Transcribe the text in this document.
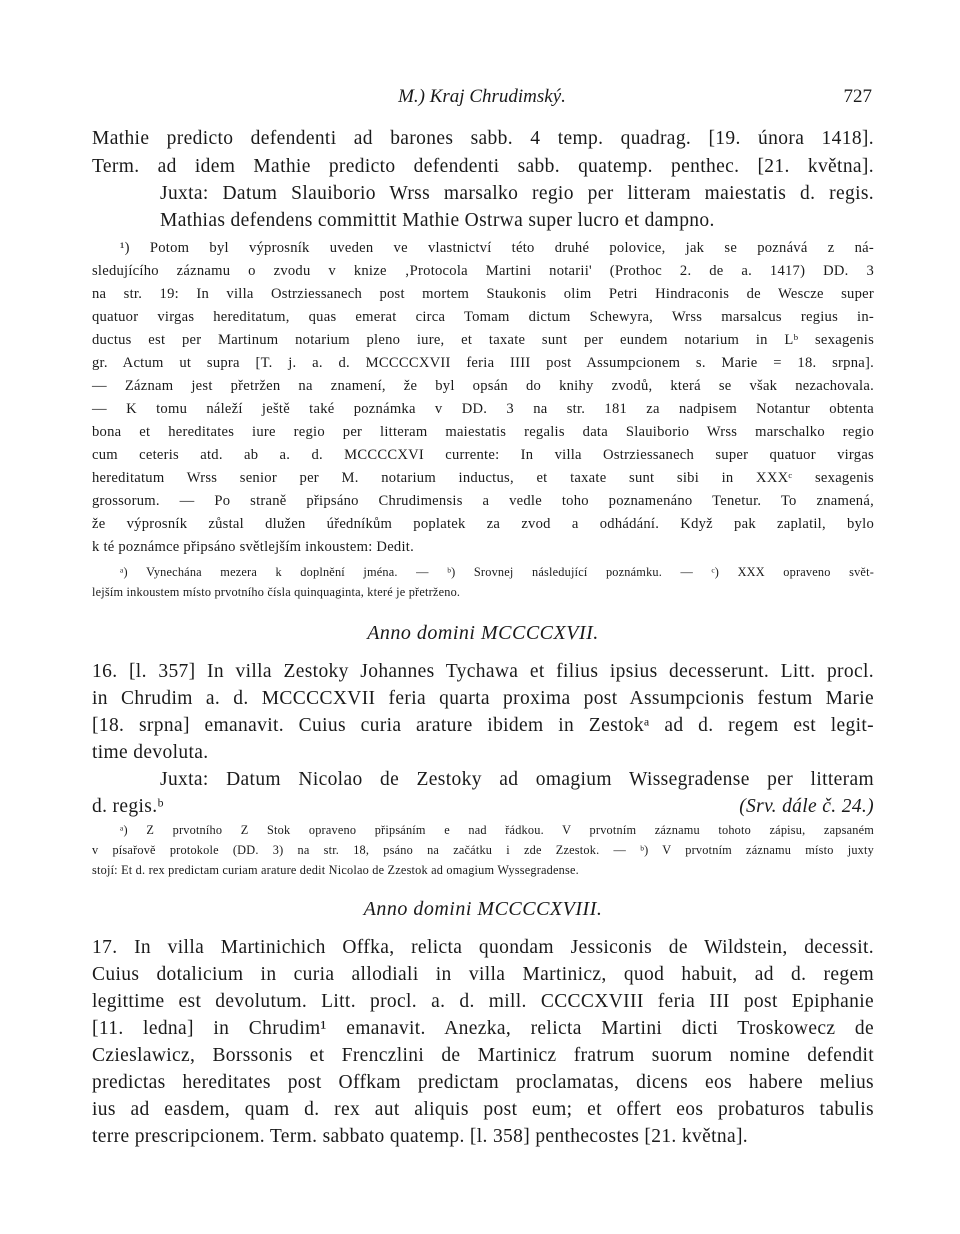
M.) Kraj Chrudimský.	727
Mathie predicto defendenti ad barones sabb. 4 temp. quadrag. [19. února 1418].
Term. ad idem Mathie predicto defendenti sabb. quatemp. penthec. [21. května].
Juxta: Datum Slauiborio Wrss marsalko regio per litteram maiestatis d. regis.
Mathias defendens committit Mathie Ostrwa super lucro et dampno.
¹) Potom byl výprosník uveden ve vlastnictví této druhé polovice, jak se poznává z ná-
sledujícího záznamu o zvodu v knize ‚Protocola Martini notarii' (Prothoc 2. de a. 1417) DD. 3
na str. 19: In villa Ostrziessanech post mortem Staukonis olim Petri Hindraconis de Wescze super
quatuor virgas hereditatum, quas emerat circa Tomam dictum Schewyra, Wrss marsalcus regius in-
ductus est per Martinum notarium pleno iure, et taxate sunt per eundem notarium in Lᵇ sexagenis
gr. Actum ut supra [T. j. a. d. MCCCCXVII feria IIII post Assumpcionem s. Marie = 18. srpna].
— Záznam jest přetržen na znamení, že byl opsán do knihy zvodů, která se však nezachovala.
— K tomu náleží ještě také poznámka v DD. 3 na str. 181 za nadpisem Notantur obtenta
bona et hereditates iure regio per litteram maiestatis regalis data Slauiborio Wrss marschalko regio
cum ceteris atd. ab a. d. MCCCCXVI currente: In villa Ostrziessanech super quatuor virgas
hereditatum Wrss senior per M. notarium inductus, et taxate sunt sibi in XXXᶜ sexagenis
grossorum. — Po straně připsáno Chrudimensis a vedle toho poznamenáno Tenetur. To znamená,
že výprosník zůstal dlužen úředníkům poplatek za zvod a odhádání. Když pak zaplatil, bylo
k té poznámce připsáno světlejším inkoustem: Dedit.
ᵃ) Vynechána mezera k doplnění jména. — ᵇ) Srovnej následující poznámku. — ᶜ) XXX opraveno svět-
lejším inkoustem místo prvotního čísla quinquaginta, které je přetrženo.
Anno domini MCCCCXVII.
16. [l. 357] In villa Zestoky Johannes Tychawa et filius ipsius decesserunt. Litt. procl.
in Chrudim a. d. MCCCCXVII feria quarta proxima post Assumpcionis festum Marie
[18. srpna] emanavit. Cuius curia arature ibidem in Zestokᵃ ad d. regem est legit-
time devoluta.
Juxta: Datum Nicolao de Zestoky ad omagium Wissegradense per litteram
d. regis.ᵇ	(Srv. dále č. 24.)
ᵃ) Z prvotního Z Stok opraveno připsáním e nad řádkou. V prvotním záznamu tohoto zápisu, zapsaném
v písařově protokole (DD. 3) na str. 18, psáno na začátku i zde Zzestok. — ᵇ) V prvotním záznamu místo juxty
stojí: Et d. rex predictam curiam arature dedit Nicolao de Zzestok ad omagium Wyssegradense.
Anno domini MCCCCXVIII.
17. In villa Martinichich Offka, relicta quondam Jessiconis de Wildstein, decessit.
Cuius dotalicium in curia allodiali in villa Martinicz, quod habuit, ad d. regem
legittime est devolutum. Litt. procl. a. d. mill. CCCCXVIII feria III post Epiphanie
[11. ledna] in Chrudim¹ emanavit. Anezka, relicta Martini dicti Troskowecz de
Czieslawicz, Borssonis et Frenczlini de Martinicz fratrum suorum nomine defendit
predictas hereditates post Offkam predictam proclamatas, dicens eos habere melius
ius ad easdem, quam d. rex aut aliquis post eum; et offert eos probaturos tabulis
terre prescripcionem. Term. sabbato quatemp. [l. 358] penthecostes [21. května].
